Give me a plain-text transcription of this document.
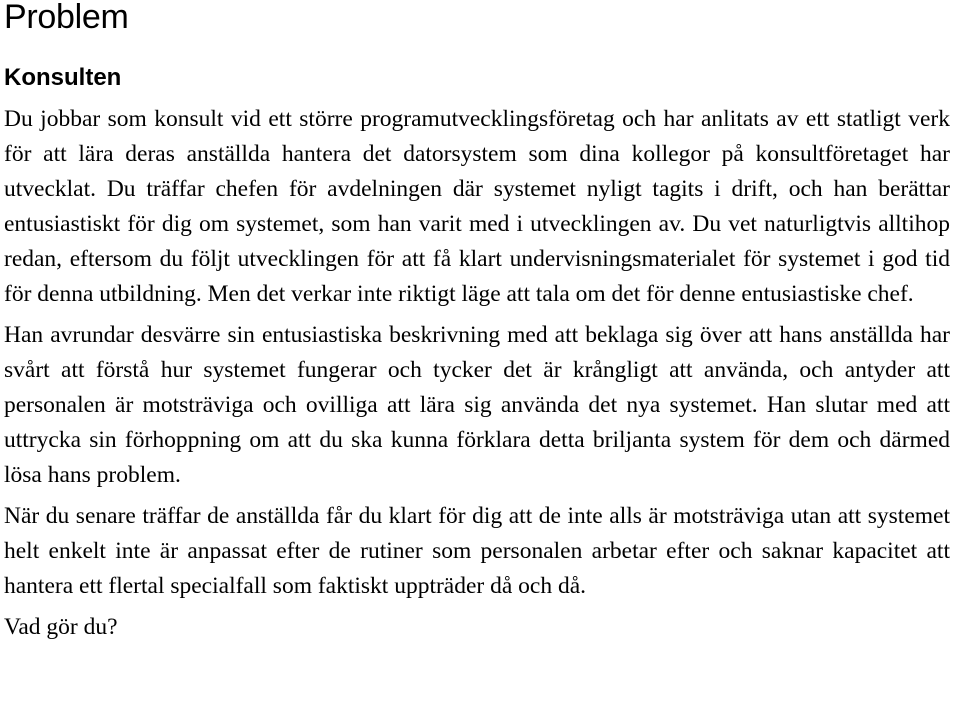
Problem
Konsulten

Du jobbar som konsult vid ett större programutvecklingsföretag och har anlitats av ett statligt verk för att lära deras anställda hantera det datorsystem som dina kollegor på konsultföretaget har utvecklat. Du träffar chefen för avdelningen där systemet nyligt tagits i drift, och han berättar entusiastiskt för dig om systemet, som han varit med i utvecklingen av. Du vet naturligtvis alltihop redan, eftersom du följt utvecklingen för att få klart undervisningsmaterialet för systemet i god tid för denna utbildning. Men det verkar inte riktigt läge att tala om det för denne entusiastiske chef.

Han avrundar desvärre sin entusiastiska beskrivning med att beklaga sig över att hans anställda har svårt att förstå hur systemet fungerar och tycker det är krångligt att använda, och antyder att personalen är motsträviga och ovilliga att lära sig använda det nya systemet. Han slutar med att uttrycka sin förhoppning om att du ska kunna förklara detta briljanta system för dem och därmed lösa hans problem.

När du senare träffar de anställda får du klart för dig att de inte alls är motsträviga utan att systemet helt enkelt inte är anpassat efter de rutiner som personalen arbetar efter och saknar kapacitet att hantera ett flertal specialfall som faktiskt uppträder då och då.

Vad gör du?
